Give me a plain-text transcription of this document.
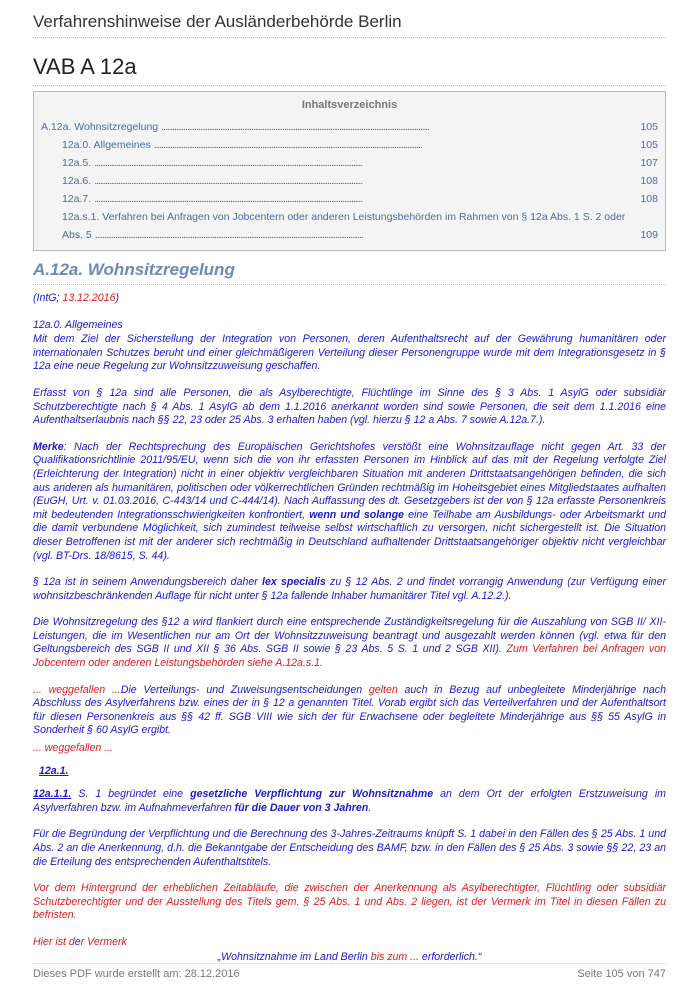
Verfahrenshinweise der Ausländerbehörde Berlin
VAB A 12a
Inhaltsverzeichnis
A.12a. Wohnsitzregelung . . .	105
12a.0. Allgemeines . . .	105
12a.5. . . .	107
12a.6. . . .	108
12a.7. . . .	108
12a.s.1. Verfahren bei Anfragen von Jobcentern oder anderen Leistungsbehörden im Rahmen von § 12a Abs. 1 S. 2 oder
Abs. 5 . . .	109
A.12a. Wohnsitzregelung

(IntG; 13.12.2016)

12a.0. Allgemeines

Mit dem Ziel der Sicherstellung der Integration von Personen, deren Aufenthaltsrecht auf der Gewährung humanitären oder internationalen Schutzes beruht und einer gleichmäßigeren Verteilung dieser Personengruppe wurde mit dem Integrationsgesetz in § 12a eine neue Regelung zur Wohnsitzzuweisung geschaffen.

Erfasst von § 12a sind alle Personen, die als Asylberechtigte, Flüchtlinge im Sinne des § 3 Abs. 1 AsylG oder subsidiär Schutzberechtigte nach § 4 Abs. 1 AsylG ab dem 1.1.2016 anerkannt worden sind sowie Personen, die seit dem 1.1.2016 eine Aufenthaltserlaubnis nach §§ 22, 23 oder 25 Abs. 3 erhalten haben (vgl. hierzu § 12 a Abs. 7 sowie A.12a.7.).

Merke: Nach der Rechtsprechung des Europäischen Gerichtshofes verstößt eine Wohnsitzauflage nicht gegen Art. 33 der Qualifikationsrichtlinie 2011/95/EU, wenn sich die von ihr erfassten Personen im Hinblick auf das mit der Regelung verfolgte Ziel (Erleichterung der Integration) nicht in einer objektiv vergleichbaren Situation mit anderen Drittstaatsangehörigen befinden, die sich aus anderen als humanitären, politischen oder völkerrechtlichen Gründen rechtmäßig im Hoheitsgebiet eines Mitgliedstaates aufhalten (EuGH, Urt. v. 01.03.2016, C-443/14 und C-444/14). Nach Auffassung des dt. Gesetzgebers ist der von § 12a erfasste Personenkreis mit bedeutenden Integrationsschwierigkeiten konfrontiert, wenn und solange eine Teilhabe am Ausbildungs- oder Arbeitsmarkt und die damit verbundene Möglichkeit, sich zumindest teilweise selbst wirtschaftlich zu versorgen, nicht sichergestellt ist. Die Situation dieser Betroffenen ist mit der anderer sich rechtmäßig in Deutschland aufhaltender Drittstaatsangehöriger objektiv nicht vergleichbar (vgl. BT-Drs. 18/8615, S. 44).

§ 12a ist in seinem Anwendungsbereich daher lex specialis zu § 12 Abs. 2 und findet vorrangig Anwendung (zur Verfügung einer wohnsitzbeschränkenden Auflage für nicht unter § 12a fallende Inhaber humanitärer Titel vgl. A.12.2.).

Die Wohnsitzregelung des §12 a wird flankiert durch eine entsprechende Zuständigkeitsregelung für die Auszahlung von SGB II/ XII-Leistungen, die im Wesentlichen nur am Ort der Wohnsitzzuweisung beantragt und ausgezahlt werden können (vgl. etwa für den Geltungsbereich des SGB II und XII § 36 Abs. SGB II sowie § 23 Abs. 5 S. 1 und 2 SGB XII). Zum Verfahren bei Anfragen von Jobcentern oder anderen Leistungsbehörden siehe A.12a.s.1.

... weggefallen ...Die Verteilungs- und Zuweisungsentscheidungen gelten auch in Bezug auf unbegleitete Minderjährige nach Abschluss des Asylverfahrens bzw. eines der in § 12 a genannten Titel. Vorab ergibt sich das Verteilverfahren und der Aufenthaltsort für diesen Personenkreis aus §§ 42 ff. SGB VIII wie sich der für Erwachsene oder begleitete Minderjährige aus §§ 55 AsylG in Sonderheit § 60 AsylG ergibt.

... weggefallen ...

12a.1.

12a.1.1. S. 1 begründet eine gesetzliche Verpflichtung zur Wohnsitznahme an dem Ort der erfolgten Erstzuweisung im Asylverfahren bzw. im Aufnahmeverfahren für die Dauer von 3 Jahren.

Für die Begründung der Verpflichtung und die Berechnung des 3-Jahres-Zeitraums knüpft S. 1 dabei in den Fällen des § 25 Abs. 1 und Abs. 2 an die Anerkennung, d.h. die Bekanntgabe der Entscheidung des BAMF, bzw. in den Fällen des § 25 Abs. 3 sowie §§ 22, 23 an die Erteilung des entsprechenden Aufenthaltstitels.

Vor dem Hintergrund der erheblichen Zeitabläufe, die zwischen der Anerkennung als Asylberechtigter, Flüchtling oder subsidiär Schutzberechtigter und der Ausstellung des Titels gem. § 25 Abs. 1 und Abs. 2 liegen, ist der Vermerk im Titel in diesen Fällen zu befristen.

Hier ist der Vermerk

„Wohnsitznahme im Land Berlin bis zum ... erforderlich.“

Dieses PDF wurde erstellt am: 28.12.2016	Seite 105 von 747
